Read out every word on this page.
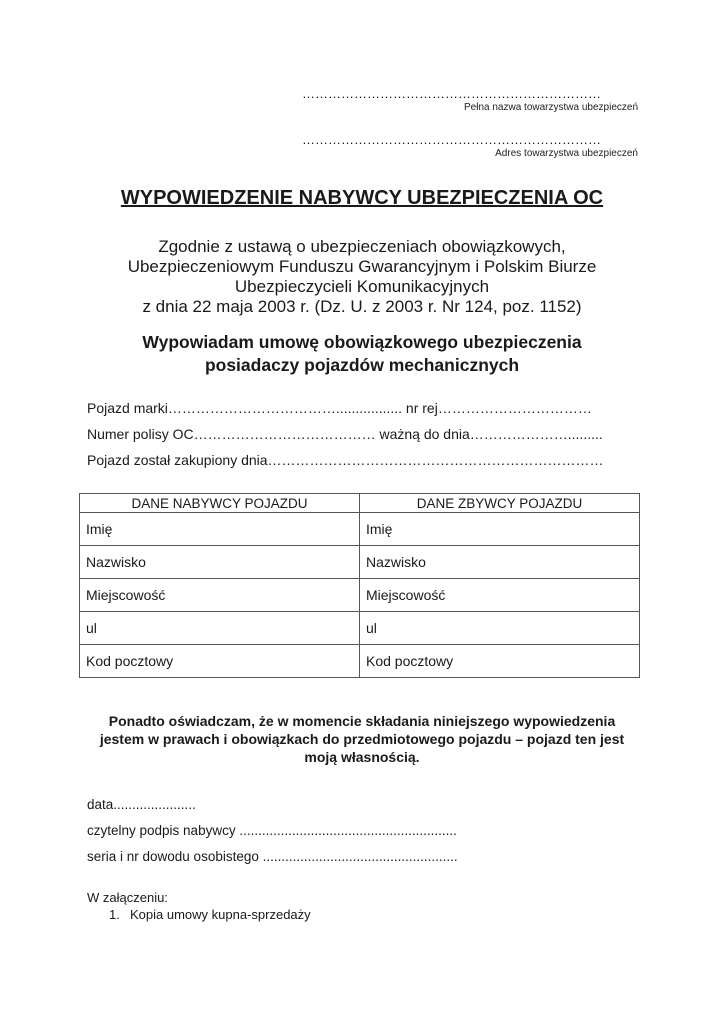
……………………………………………………………
Pełna nazwa towarzystwa ubezpieczeń
……………………………………………………………
Adres towarzystwa ubezpieczeń
WYPOWIEDZENIE NABYWCY UBEZPIECZENIA OC
Zgodnie z ustawą o ubezpieczeniach obowiązkowych,
Ubezpieczeniowym Funduszu Gwarancyjnym i Polskim Biurze
Ubezpieczycieli Komunikacyjnych
z dnia 22 maja 2003 r. (Dz. U. z 2003 r. Nr 124, poz. 1152)
Wypowiadam umowę obowiązkowego ubezpieczenia
posiadaczy pojazdów mechanicznych
Pojazd marki………………………………................. nr rej……………………………
Numer polisy OC………………………………… ważną do dnia………………….........
Pojazd został zakupiony dnia………………………………………………………………
DANE NABYWCY POJAZDU	DANE ZBYWCY POJAZDU
Imię	Imię
Nazwisko	Nazwisko
Miejscowość	Miejscowość
ul	ul
Kod pocztowy	Kod pocztowy
Ponadto oświadczam, że w momencie składania niniejszego wypowiedzenia
jestem w prawach i obowiązkach do przedmiotowego pojazdu – pojazd ten jest
moją własnością.
data......................
czytelny podpis nabywcy ..........................................................
seria i nr dowodu osobistego ....................................................
W załączeniu:
1. Kopia umowy kupna-sprzedaży
